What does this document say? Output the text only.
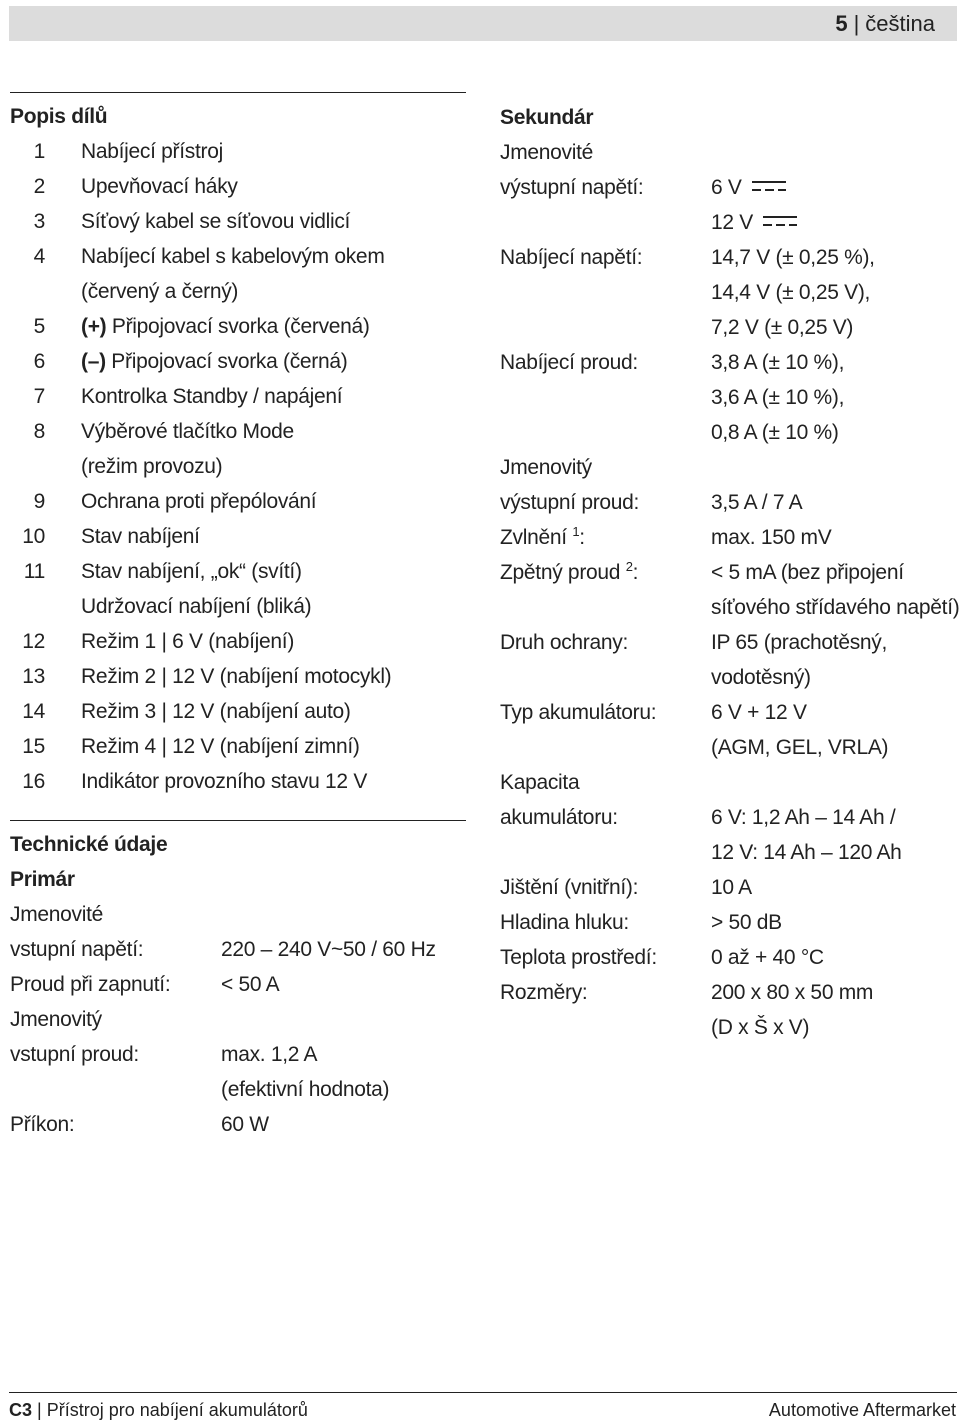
5 | čeština
Popis dílů
1 Nabíjecí přístroj
2 Upevňovací háky
3 Síťový kabel se síťovou vidlicí
4 Nabíjecí kabel s kabelovým okem
(červený a černý)
5 (+) Připojovací svorka (červená)
6 (–) Připojovací svorka (černá)
7 Kontrolka Standby / napájení
8 Výběrové tlačítko Mode
(režim provozu)
9 Ochrana proti přepólování
10 Stav nabíjení
11 Stav nabíjení, „ok“ (svítí)
Udržovací nabíjení (bliká)
12 Režim 1 | 6 V (nabíjení)
13 Režim 2 | 12 V (nabíjení motocykl)
14 Režim 3 | 12 V (nabíjení auto)
15 Režim 4 | 12 V (nabíjení zimní)
16 Indikátor provozního stavu 12 V
Technické údaje
Primár
Jmenovité
vstupní napětí:	220 – 240 V~50 / 60 Hz
Proud při zapnutí: < 50 A
Jmenovitý
vstupní proud:	max. 1,2 A
(efektivní hodnota)
Příkon:	60 W
Sekundár
Jmenovité
výstupní napětí:	6 V
12 V
Nabíjecí napětí:	14,7 V (± 0,25 %),
14,4 V (± 0,25 V),
7,2 V (± 0,25 V)
Nabíjecí proud:	3,8 A (± 10 %),
3,6 A (± 10 %),
0,8 A (± 10 %)
Jmenovitý
výstupní proud:	3,5 A / 7 A
Zvlnění $^1$:	max. 150 mV
Zpětný proud $^2$:	< 5 mA (bez připojení
síťového střídavého napětí)
Druh ochrany:	IP 65 (prachotěsný,
vodotěsný)
Typ akumulátoru:	6 V + 12 V
(AGM, GEL, VRLA)
Kapacita
akumulátoru:	6 V: 1,2 Ah – 14 Ah /
12 V: 14 Ah – 120 Ah
Jištění (vnitřní):	10 A
Hladina hluku:	> 50 dB
Teplota prostředí:	0 až + 40 °C
Rozměry:	200 x 80 x 50 mm
(D x Š x V)
C3 | Přístroj pro nabíjení akumulátorů	Automotive Aftermarket
